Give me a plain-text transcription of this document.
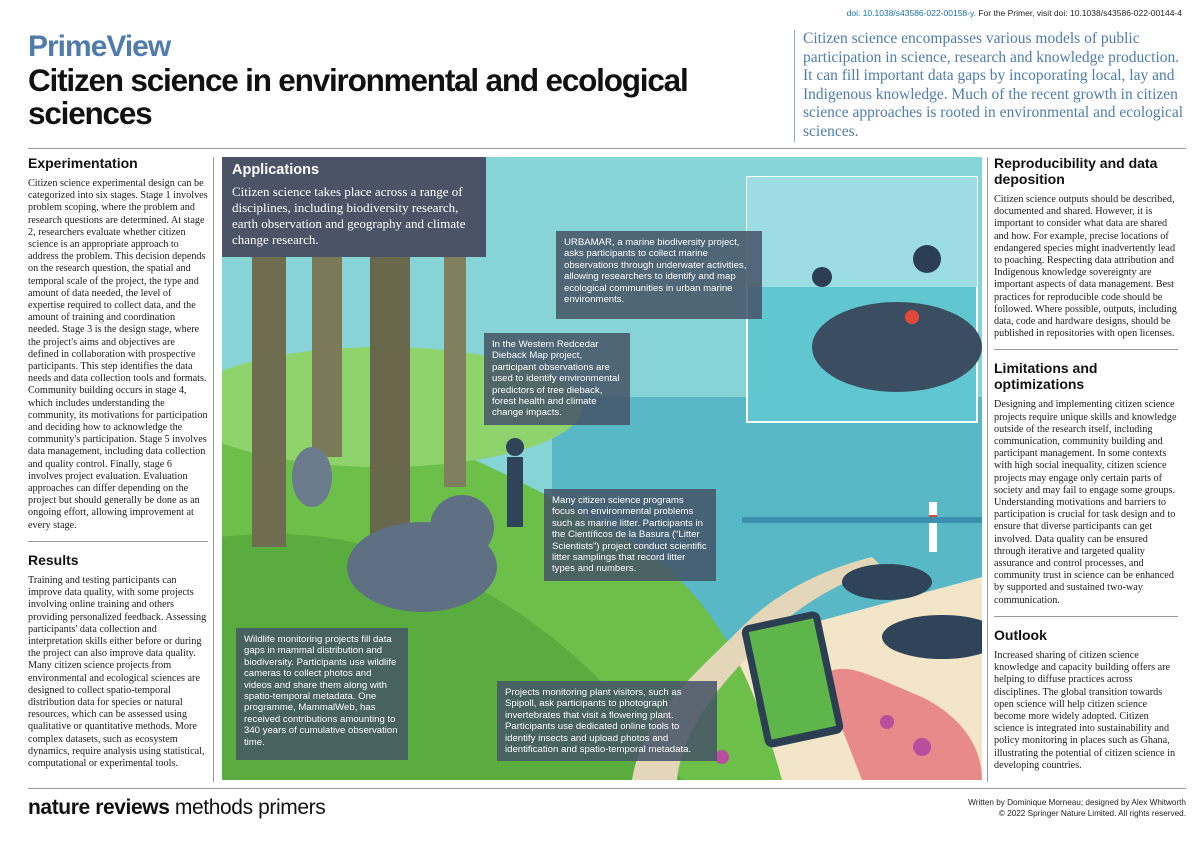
doi: 10.1038/s43586-022-00158-y. For the Primer, visit doi: 10.1038/s43586-022-00144-4
PrimeView
Citizen science in environmental and ecological sciences
Citizen science encompasses various models of public participation in science, research and knowledge production. It can fill important data gaps by incoporating local, lay and Indigenous knowledge. Much of the recent growth in citizen science approaches is rooted in environmental and ecological sciences.
Experimentation

Citizen science experimental design can be categorized into six stages. Stage 1 involves problem scoping, where the problem and research questions are determined. At stage 2, researchers evaluate whether citizen science is an appropriate approach to address the problem. This decision depends on the research question, the spatial and temporal scale of the project, the type and amount of data needed, the level of expertise required to collect data, and the amount of training and coordination needed. Stage 3 is the design stage, where the project's aims and objectives are defined in collaboration with prospective participants. This step identifies the data needs and data collection tools and formats. Community building occurs in stage 4, which includes understanding the community, its motivations for participation and deciding how to acknowledge the community's participation. Stage 5 involves data management, including data collection and quality control. Finally, stage 6 involves project evaluation. Evaluation approaches can differ depending on the project but should generally be done as an ongoing effort, allowing improvement at every stage.

Results

Training and testing participants can improve data quality, with some projects involving online training and others providing personalized feedback. Assessing participants' data collection and interpretation skills either before or during the project can also improve data quality. Many citizen science projects from environmental and ecological sciences are designed to collect spatio-temporal distribution data for species or natural resources, which can be assessed using qualitative or quantitative methods. More complex datasets, such as ecosystem dynamics, require analysis using statistical, computational or experimental tools.

Applications

Citizen science takes place across a range of disciplines, including biodiversity research, earth observation and geography and climate change research.	URBAMAR, a marine biodiversity project, asks participants to collect marine observations through underwater activities, allowing researchers to identify and map ecological communities in urban marine environments.
In the Western Redcedar Dieback Map project, participant observations are used to identify environmental predictors of tree dieback, forest health and climate change impacts.
Many citizen science programs focus on environmental problems such as marine litter. Participants in the Científicos de la Basura (“Litter Scientists”) project conduct scientific litter samplings that record litter types and numbers.
Wildlife monitoring projects fill data gaps in mammal distribution and biodiversity. Participants use wildlife cameras to collect photos and videos and share them along with spatio-temporal metadata. One programme, MammalWeb, has received contributions amounting to 340 years of cumulative observation time.
Projects monitoring plant visitors, such as Spipoll, ask participants to photograph invertebrates that visit a flowering plant. Participants use dedicated online tools to identify insects and upload photos and identification and spatio-temporal metadata.
Reproducibility and data deposition

Citizen science outputs should be described, documented and shared. However, it is important to consider what data are shared and how. For example, precise locations of endangered species might inadvertently lead to poaching. Respecting data attribution and Indigenous knowledge sovereignty are important aspects of data management. Best practices for reproducible code should be followed. Where possible, outputs, including data, code and hardware designs, should be published in repositories with open licenses.

Limitations and optimizations

Designing and implementing citizen science projects require unique skills and knowledge outside of the research itself, including communication, community building and participant management. In some contexts with high social inequality, citizen science projects may engage only certain parts of society and may fail to engage some groups. Understanding motivations and barriers to participation is crucial for task design and to ensure that diverse participants can get involved. Data quality can be ensured through iterative and targeted quality assurance and control processes, and community trust in science can be enhanced by supported and sustained two-way communication.

Outlook

Increased sharing of citizen science knowledge and capacity building offers are helping to diffuse practices across disciplines. The global transition towards open science will help citizen science become more widely adopted. Citizen science is integrated into sustainability and policy monitoring in places such as Ghana, illustrating the potential of citizen science in developing countries.

nature reviews methods primers	Written by Dominique Morneau; designed by Alex Whitworth
© 2022 Springer Nature Limited. All rights reserved.
